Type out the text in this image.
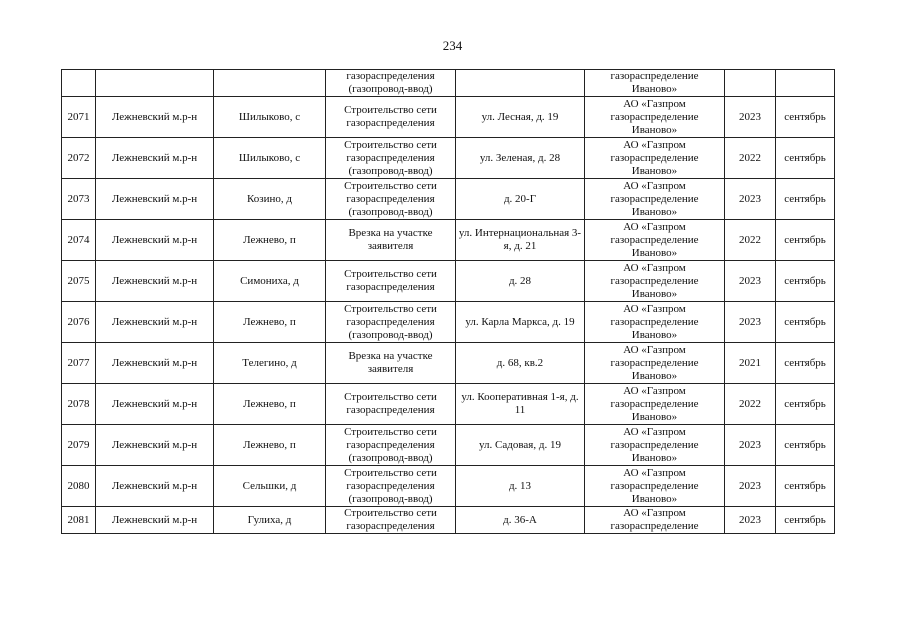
234
			газораспределения (газопровод-ввод)		газораспределение Иваново»		
2071	Лежневский м.р-н	Шилыково, с	Строительство сети газораспределения	ул. Лесная, д. 19	АО «Газпром газораспределение Иваново»	2023	сентябрь
2072	Лежневский м.р-н	Шилыково, с	Строительство сети газораспределения (газопровод-ввод)	ул. Зеленая, д. 28	АО «Газпром газораспределение Иваново»	2022	сентябрь
2073	Лежневский м.р-н	Козино, д	Строительство сети газораспределения (газопровод-ввод)	д. 20-Г	АО «Газпром газораспределение Иваново»	2023	сентябрь
2074	Лежневский м.р-н	Лежнево, п	Врезка на участке заявителя	ул. Интернациональная 3-я, д. 21	АО «Газпром газораспределение Иваново»	2022	сентябрь
2075	Лежневский м.р-н	Симониха, д	Строительство сети газораспределения	д. 28	АО «Газпром газораспределение Иваново»	2023	сентябрь
2076	Лежневский м.р-н	Лежнево, п	Строительство сети газораспределения (газопровод-ввод)	ул. Карла Маркса, д. 19	АО «Газпром газораспределение Иваново»	2023	сентябрь
2077	Лежневский м.р-н	Телегино, д	Врезка на участке заявителя	д. 68, кв.2	АО «Газпром газораспределение Иваново»	2021	сентябрь
2078	Лежневский м.р-н	Лежнево, п	Строительство сети газораспределения	ул. Кооперативная 1-я, д. 11	АО «Газпром газораспределение Иваново»	2022	сентябрь
2079	Лежневский м.р-н	Лежнево, п	Строительство сети газораспределения (газопровод-ввод)	ул. Садовая, д. 19	АО «Газпром газораспределение Иваново»	2023	сентябрь
2080	Лежневский м.р-н	Сельшки, д	Строительство сети газораспределения (газопровод-ввод)	д. 13	АО «Газпром газораспределение Иваново»	2023	сентябрь
2081	Лежневский м.р-н	Гулиха, д	Строительство сети газораспределения	д. 36-А	АО «Газпром газораспределение	2023	сентябрь
